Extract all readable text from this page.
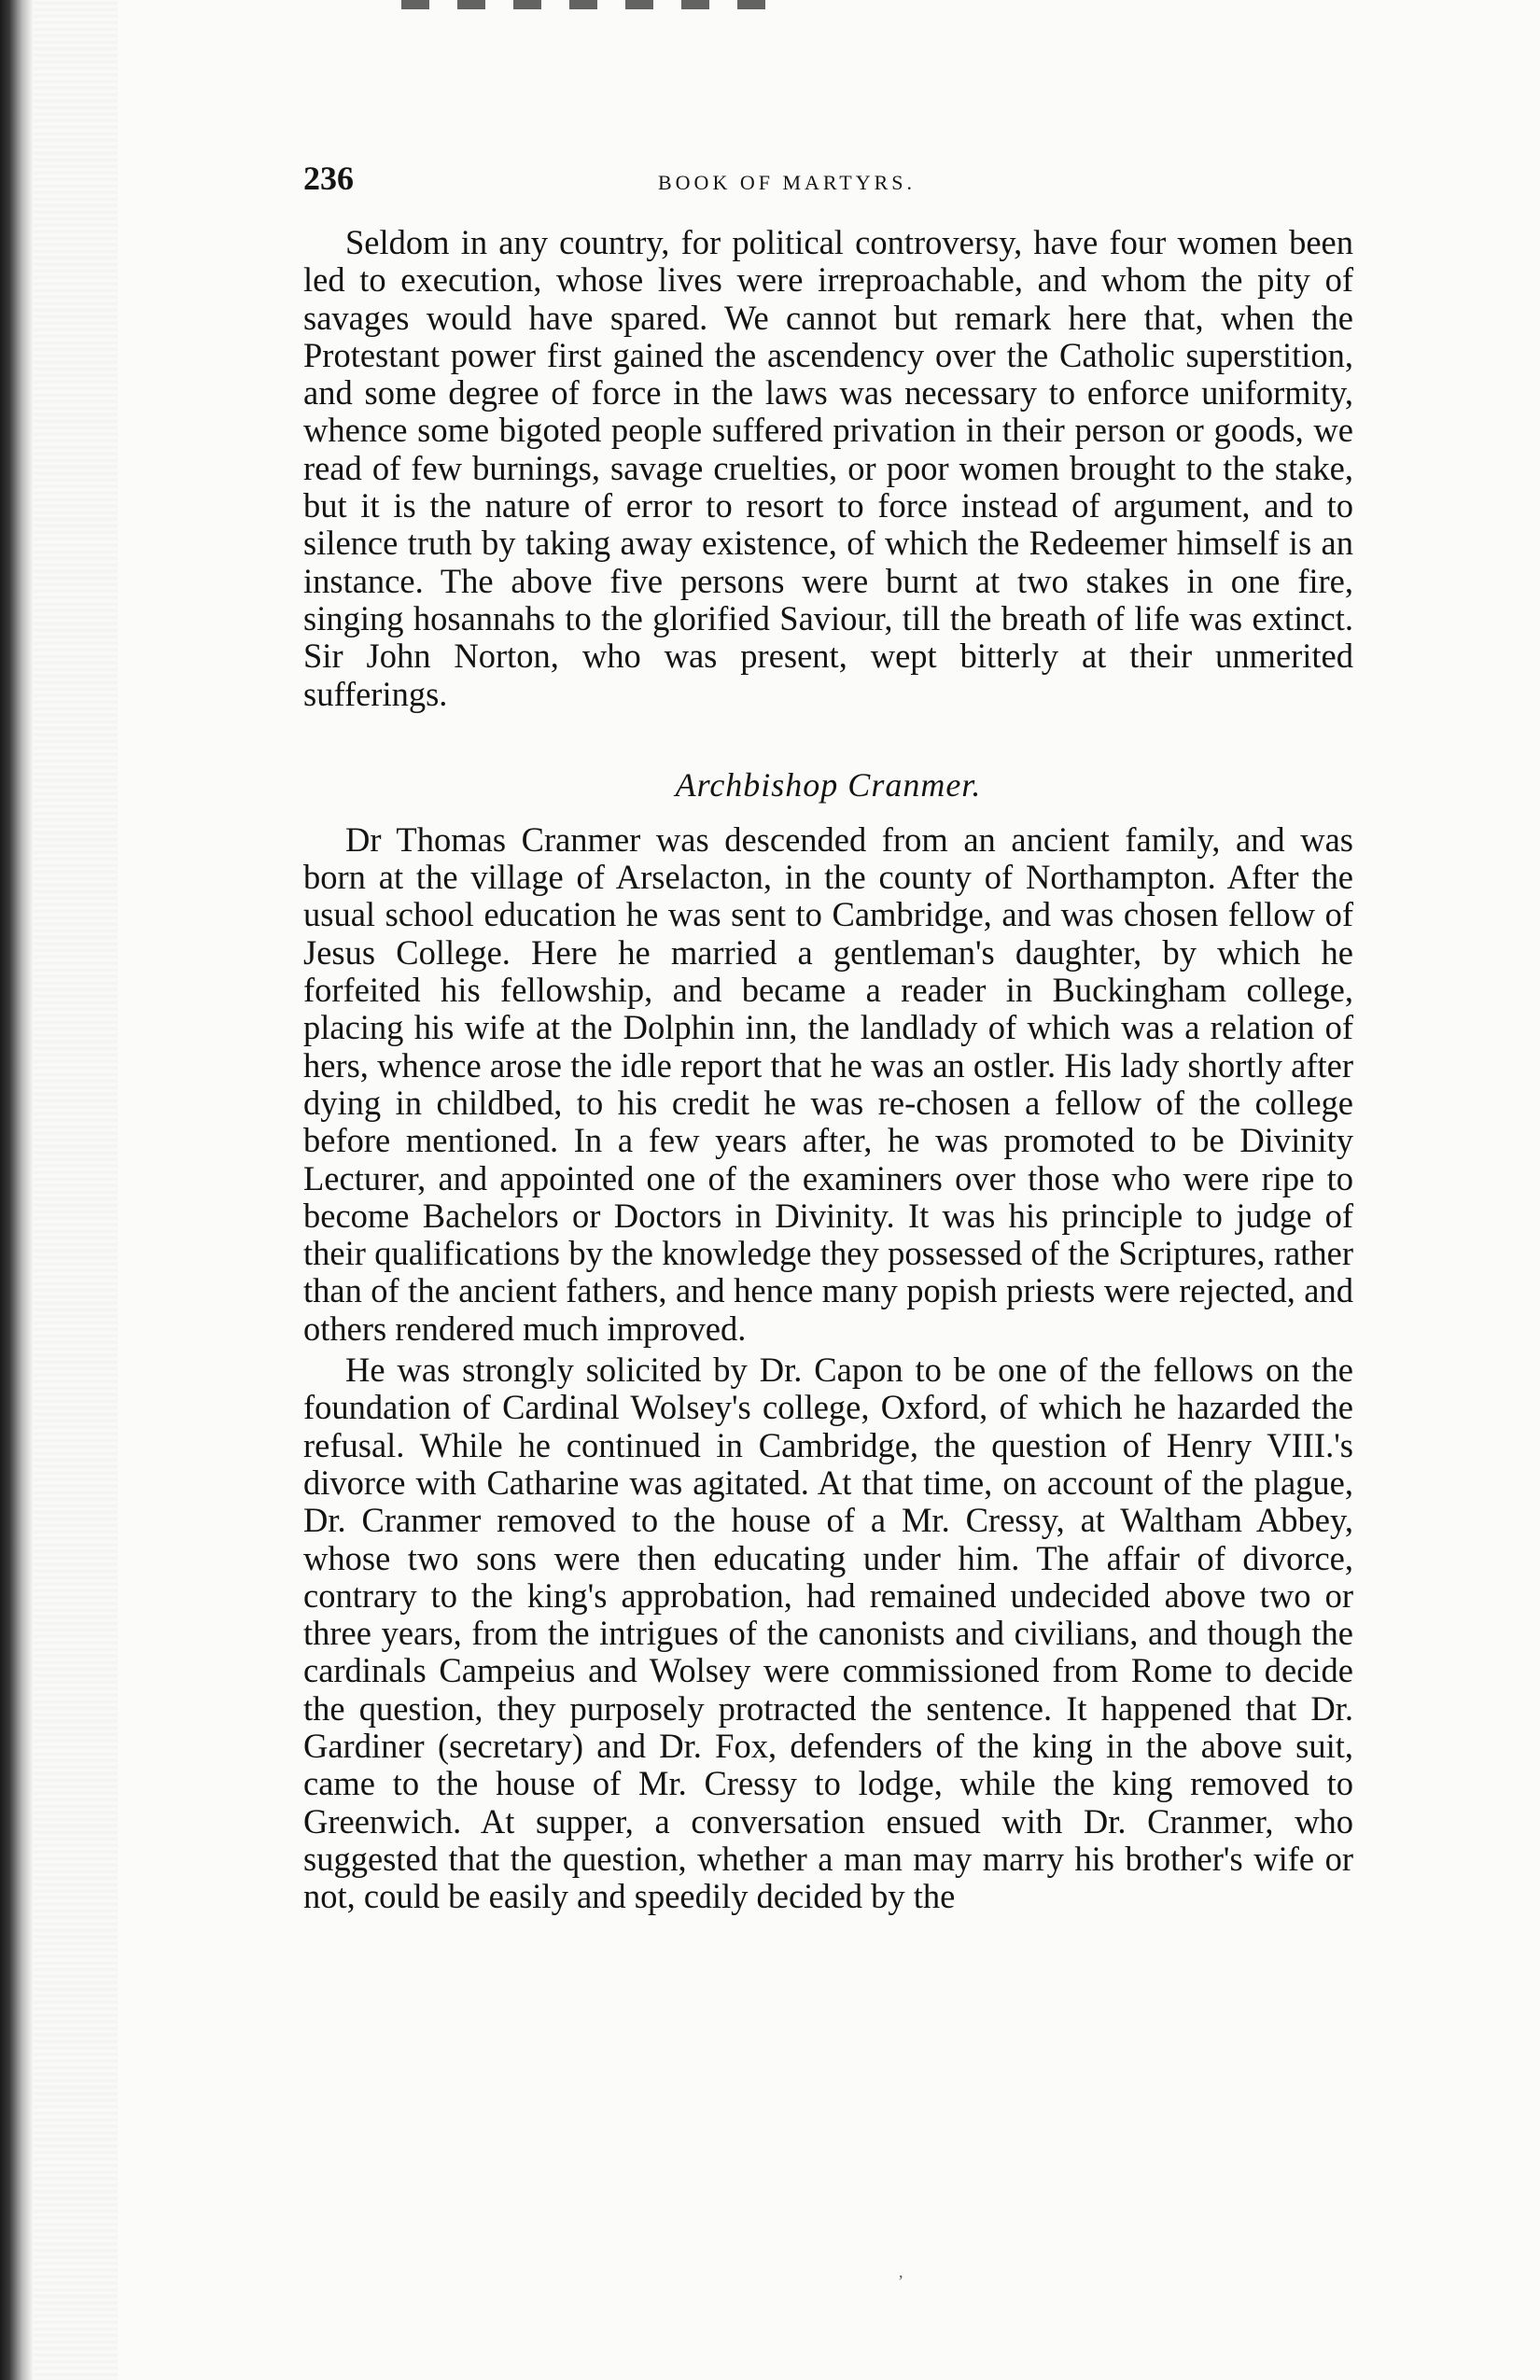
236	BOOK OF MARTYRS.

Seldom in any country, for political controversy, have four women been led to execution, whose lives were irreproachable, and whom the pity of savages would have spared. We cannot but remark here that, when the Protestant power first gained the ascendency over the Catholic superstition, and some degree of force in the laws was necessary to enforce uniformity, whence some bigoted people suffered privation in their person or goods, we read of few burnings, savage cruelties, or poor women brought to the stake, but it is the nature of error to resort to force instead of argument, and to silence truth by taking away existence, of which the Redeemer himself is an instance. The above five persons were burnt at two stakes in one fire, singing hosannahs to the glorified Saviour, till the breath of life was extinct. Sir John Norton, who was present, wept bitterly at their unmerited sufferings.

Archbishop Cranmer.

Dr Thomas Cranmer was descended from an ancient family, and was born at the village of Arselacton, in the county of Northampton. After the usual school education he was sent to Cambridge, and was chosen fellow of Jesus College. Here he married a gentleman's daughter, by which he forfeited his fellowship, and became a reader in Buckingham college, placing his wife at the Dolphin inn, the landlady of which was a relation of hers, whence arose the idle report that he was an ostler. His lady shortly after dying in childbed, to his credit he was re-chosen a fellow of the college before mentioned. In a few years after, he was promoted to be Divinity Lecturer, and appointed one of the examiners over those who were ripe to become Bachelors or Doctors in Divinity. It was his principle to judge of their qualifications by the knowledge they possessed of the Scriptures, rather than of the ancient fathers, and hence many popish priests were rejected, and others rendered much improved.

He was strongly solicited by Dr. Capon to be one of the fellows on the foundation of Cardinal Wolsey's college, Oxford, of which he hazarded the refusal. While he continued in Cambridge, the question of Henry VIII.'s divorce with Catharine was agitated. At that time, on account of the plague, Dr. Cranmer removed to the house of a Mr. Cressy, at Waltham Abbey, whose two sons were then educating under him. The affair of divorce, contrary to the king's approbation, had remained undecided above two or three years, from the intrigues of the canonists and civilians, and though the cardinals Campeius and Wolsey were commissioned from Rome to decide the question, they purposely protracted the sentence. It happened that Dr. Gardiner (secretary) and Dr. Fox, defenders of the king in the above suit, came to the house of Mr. Cressy to lodge, while the king removed to Greenwich. At supper, a conversation ensued with Dr. Cranmer, who suggested that the question, whether a man may marry his brother's wife or not, could be easily and speedily decided by the

,
